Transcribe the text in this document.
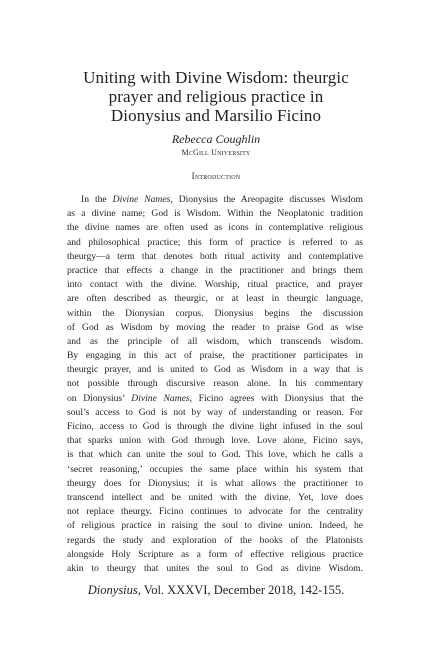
Uniting with Divine Wisdom: theurgic
prayer and religious practice in
Dionysius and Marsilio Ficino
Rebecca Coughlin
McGill University
Introduction
In the Divine Names, Dionysius the Areopagite discusses Wisdom
as a divine name; God is Wisdom. Within the Neoplatonic tradition
the divine names are often used as icons in contemplative religious
and philosophical practice; this form of practice is referred to as
theurgy—a term that denotes both ritual activity and contemplative
practice that effects a change in the practitioner and brings them
into contact with the divine. Worship, ritual practice, and prayer
are often described as theurgic, or at least in theurgic language,
within the Dionysian corpus. Dionysius begins the discussion
of God as Wisdom by moving the reader to praise God as wise
and as the principle of all wisdom, which transcends wisdom.
By engaging in this act of praise, the practitioner participates in
theurgic prayer, and is united to God as Wisdom in a way that is
not possible through discursive reason alone. In his commentary
on Dionysius’ Divine Names, Ficino agrees with Dionysius that the
soul’s access to God is not by way of understanding or reason. For
Ficino, access to God is through the divine light infused in the soul
that sparks union with God through love. Love alone, Ficino says,
is that which can unite the soul to God. This love, which he calls a
‘secret reasoning,’ occupies the same place within his system that
theurgy does for Dionysius; it is what allows the practitioner to
transcend intellect and be united with the divine. Yet, love does
not replace theurgy. Ficino continues to advocate for the centrality
of religious practice in raising the soul to divine union. Indeed, he
regards the study and exploration of the books of the Platonists
alongside Holy Scripture as a form of effective religious practice
akin to theurgy that unites the soul to God as divine Wisdom.
Dionysius, Vol. XXXVI, December 2018, 142-155.
